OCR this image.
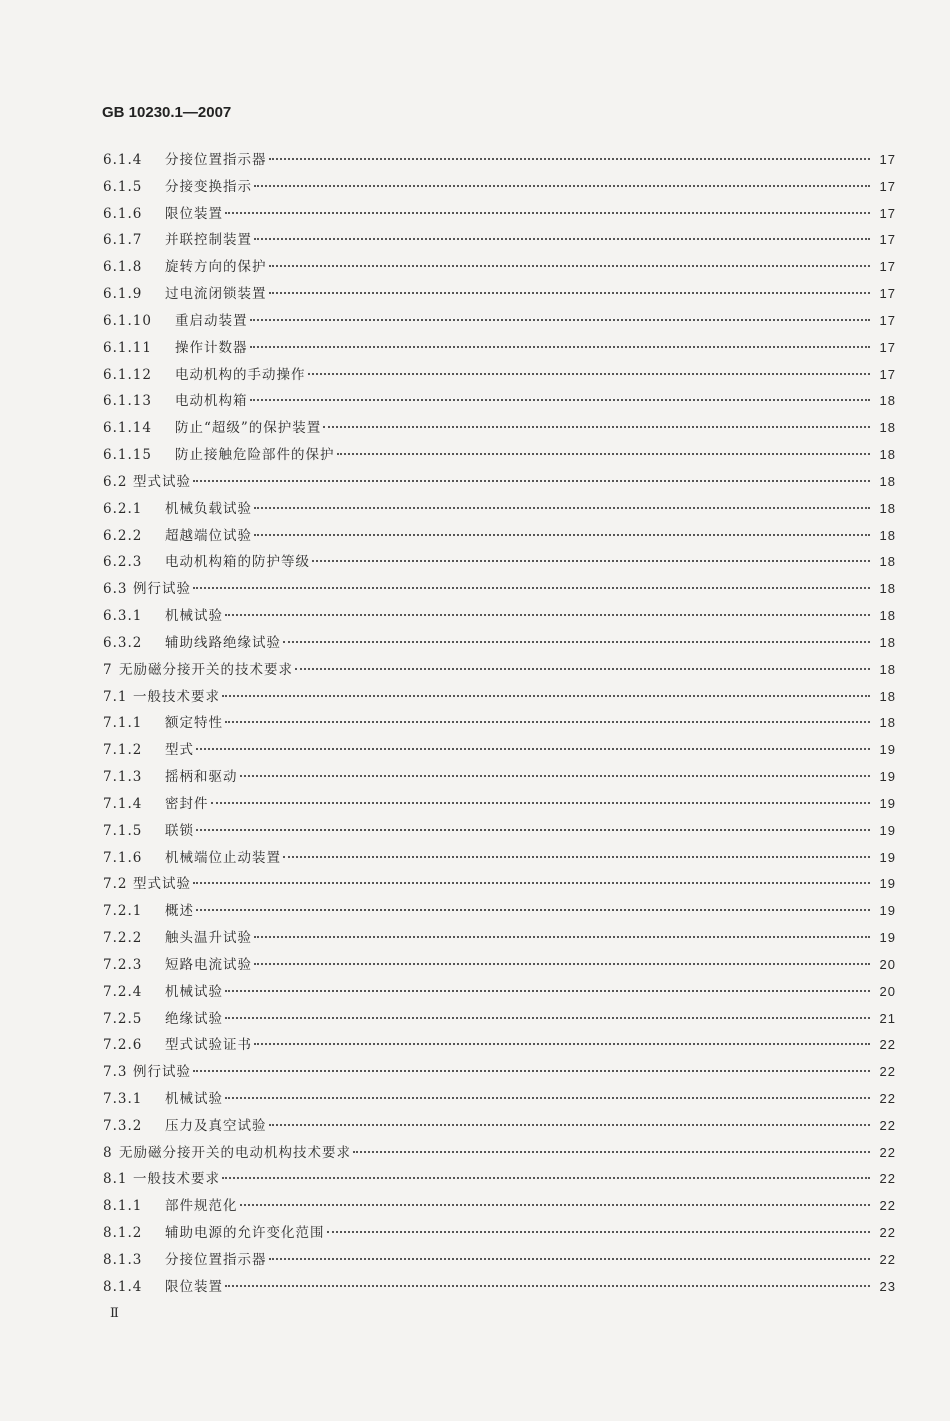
GB 10230.1—2007
6.1.4	分接位置指示器	17
6.1.5	分接变换指示	17
6.1.6	限位装置	17
6.1.7	并联控制装置	17
6.1.8	旋转方向的保护	17
6.1.9	过电流闭锁装置	17
6.1.10	重启动装置	17
6.1.11	操作计数器	17
6.1.12	电动机构的手动操作	17
6.1.13	电动机构箱	18
6.1.14	防止“超级”的保护装置	18
6.1.15	防止接触危险部件的保护	18
6.2 型式试验	18
6.2.1	机械负载试验	18
6.2.2	超越端位试验	18
6.2.3	电动机构箱的防护等级	18
6.3 例行试验	18
6.3.1	机械试验	18
6.3.2	辅助线路绝缘试验	18
7 无励磁分接开关的技术要求	18
7.1 一般技术要求	18
7.1.1	额定特性	18
7.1.2	型式	19
7.1.3	摇柄和驱动	19
7.1.4	密封件	19
7.1.5	联锁	19
7.1.6	机械端位止动装置	19
7.2 型式试验	19
7.2.1	概述	19
7.2.2	触头温升试验	19
7.2.3	短路电流试验	20
7.2.4	机械试验	20
7.2.5	绝缘试验	21
7.2.6	型式试验证书	22
7.3 例行试验	22
7.3.1	机械试验	22
7.3.2	压力及真空试验	22
8 无励磁分接开关的电动机构技术要求	22
8.1 一般技术要求	22
8.1.1	部件规范化	22
8.1.2	辅助电源的允许变化范围	22
8.1.3	分接位置指示器	22
8.1.4	限位装置	23
Ⅱ
